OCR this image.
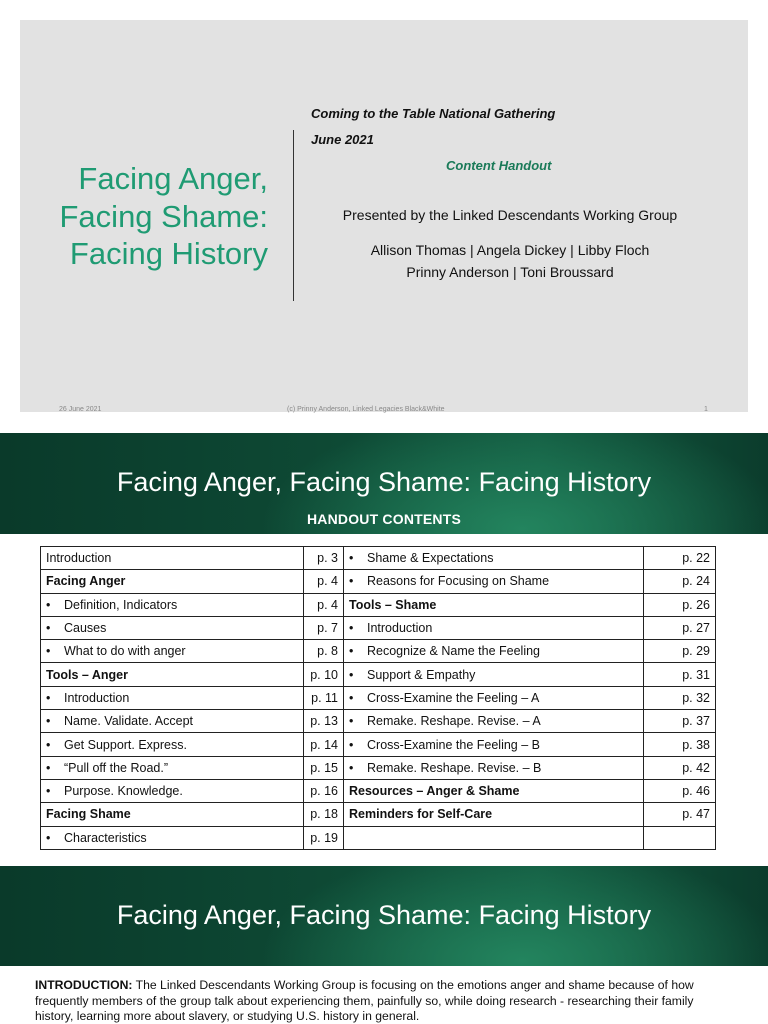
Facing Anger,
Facing Shame:
Facing History
Coming to the Table National Gathering
June 2021
Content Handout
Presented by the Linked Descendants Working Group
Allison Thomas | Angela Dickey | Libby Floch
Prinny Anderson | Toni Broussard
26 June 2021	(c) Prinny Anderson, Linked Legacies Black&White	1
Facing Anger, Facing Shame: Facing History
HANDOUT CONTENTS
Introduction	p. 3	• Shame & Expectations	p. 22
Facing Anger	p. 4	• Reasons for Focusing on Shame	p. 24
• Definition, Indicators	p. 4	Tools – Shame	p. 26
• Causes	p. 7	• Introduction	p. 27
• What to do with anger	p. 8	• Recognize & Name the Feeling	p. 29
Tools – Anger	p. 10	• Support & Empathy	p. 31
• Introduction	p. 11	• Cross-Examine the Feeling – A	p. 32
• Name. Validate. Accept	p. 13	• Remake. Reshape. Revise. – A	p. 37
• Get Support. Express.	p. 14	• Cross-Examine the Feeling – B	p. 38
• “Pull off the Road.”	p. 15	• Remake. Reshape. Revise. – B	p. 42
• Purpose. Knowledge.	p. 16	Resources – Anger & Shame	p. 46
Facing Shame	p. 18	Reminders for Self-Care	p. 47
• Characteristics	p. 19		
Facing Anger, Facing Shame: Facing History
INTRODUCTION: The Linked Descendants Working Group is focusing on the emotions anger and shame because of how frequently members of the group talk about experiencing them, painfully so, while doing research - researching their family history, learning more about slavery, or studying U.S. history in general.
